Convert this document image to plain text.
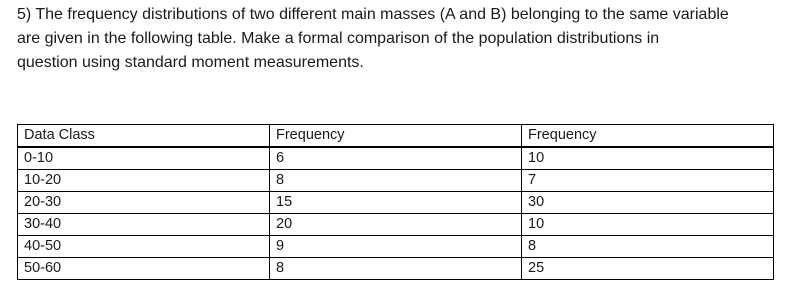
5) The frequency distributions of two different main masses (A and B) belonging to the same variable
are given in the following table. Make a formal comparison of the population distributions in
question using standard moment measurements.

Data Class	Frequency	Frequency
0-10	6	10
10-20	8	7
20-30	15	30
30-40	20	10
40-50	9	8
50-60	8	25
